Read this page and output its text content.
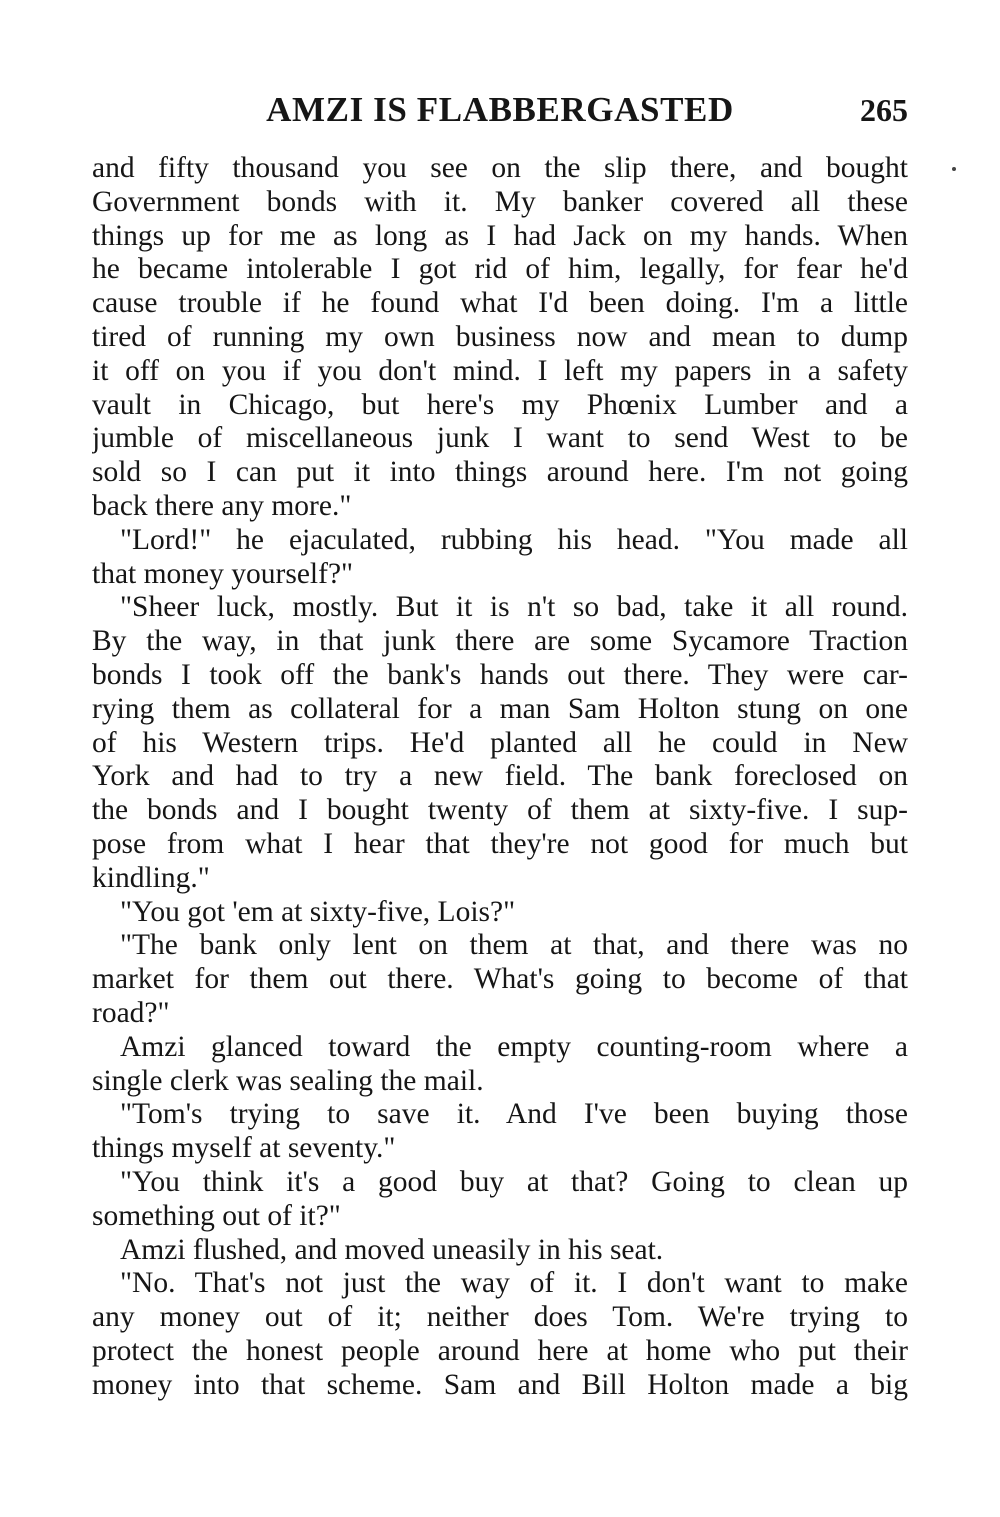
AMZI IS FLABBERGASTED	265
and fifty thousand you see on the slip there, and bought
Government bonds with it. My banker covered all these
things up for me as long as I had Jack on my hands. When
he became intolerable I got rid of him, legally, for fear he'd
cause trouble if he found what I'd been doing. I'm a little
tired of running my own business now and mean to dump
it off on you if you don't mind. I left my papers in a safety
vault in Chicago, but here's my Phœnix Lumber and a
jumble of miscellaneous junk I want to send West to be
sold so I can put it into things around here. I'm not going
back there any more."
"Lord!" he ejaculated, rubbing his head. "You made all
that money yourself?"
"Sheer luck, mostly. But it is n't so bad, take it all round.
By the way, in that junk there are some Sycamore Traction
bonds I took off the bank's hands out there. They were car-
rying them as collateral for a man Sam Holton stung on one
of his Western trips. He'd planted all he could in New
York and had to try a new field. The bank foreclosed on
the bonds and I bought twenty of them at sixty-five. I sup-
pose from what I hear that they're not good for much but
kindling."
"You got 'em at sixty-five, Lois?"
"The bank only lent on them at that, and there was no
market for them out there. What's going to become of that
road?"
Amzi glanced toward the empty counting-room where a
single clerk was sealing the mail.
"Tom's trying to save it. And I've been buying those
things myself at seventy."
"You think it's a good buy at that? Going to clean up
something out of it?"
Amzi flushed, and moved uneasily in his seat.
"No. That's not just the way of it. I don't want to make
any money out of it; neither does Tom. We're trying to
protect the honest people around here at home who put their
money into that scheme. Sam and Bill Holton made a big
